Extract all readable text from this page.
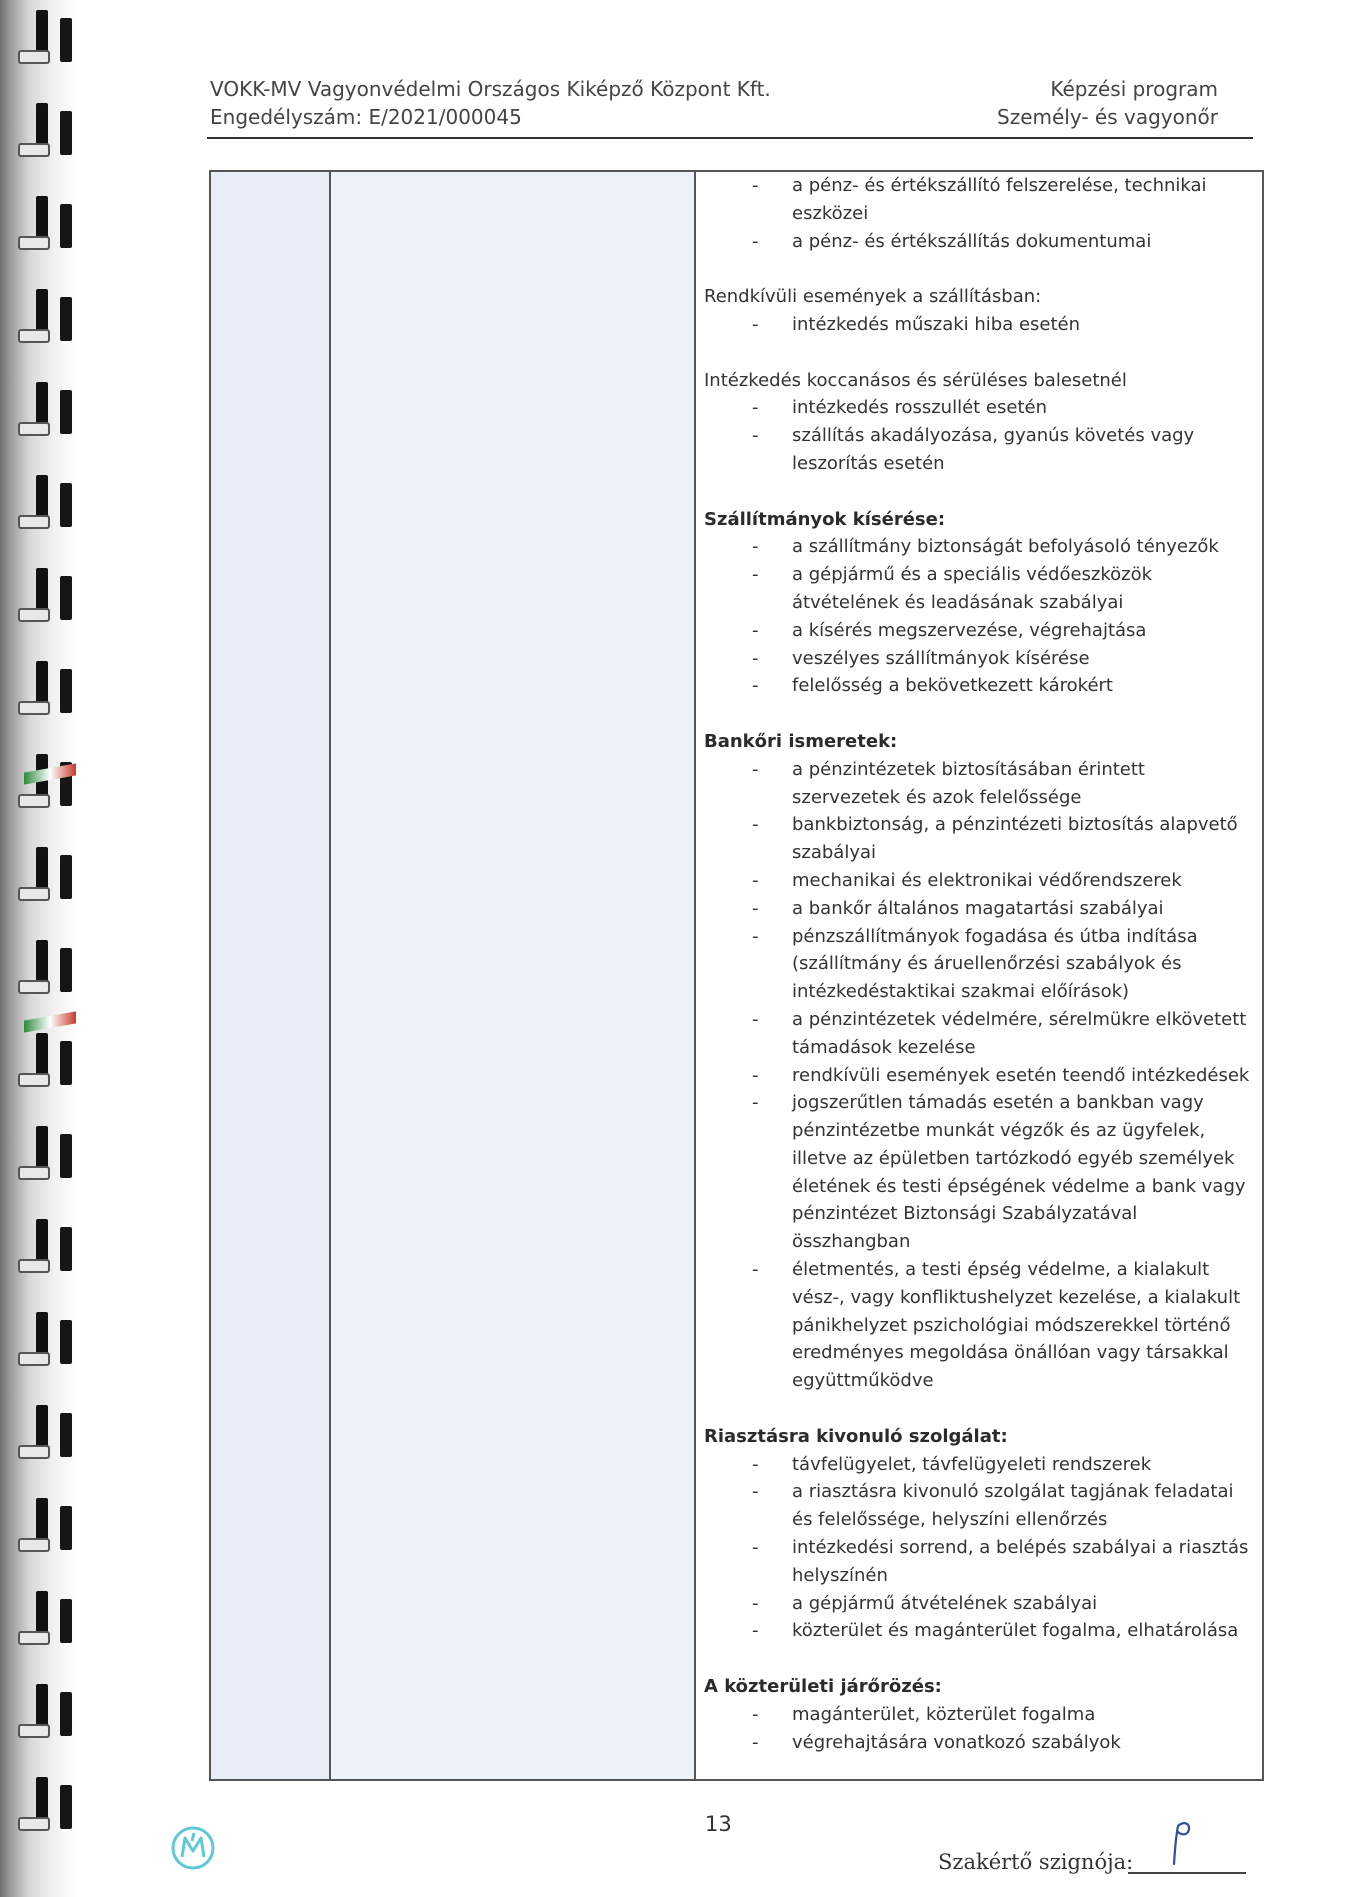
VOKK-MV Vagyonvédelmi Országos Kiképző Központ Kft.
Engedélyszám: E/2021/000045
Képzési program
Személy- és vagyonőr
- a pénz- és értékszállító felszerelése, technikai eszközei
- a pénz- és értékszállítás dokumentumai
Rendkívüli események a szállításban:
- intézkedés műszaki hiba esetén
Intézkedés koccanásos és sérüléses balesetnél
- intézkedés rosszullét esetén
- szállítás akadályozása, gyanús követés vagy leszorítás esetén
Szállítmányok kísérése:
- a szállítmány biztonságát befolyásoló tényezők
- a gépjármű és a speciális védőeszközök átvételének és leadásának szabályai
- a kísérés megszervezése, végrehajtása
- veszélyes szállítmányok kísérése
- felelősség a bekövetkezett károkért
Bankőri ismeretek:
- a pénzintézetek biztosításában érintett szervezetek és azok felelőssége
- bankbiztonság, a pénzintézeti biztosítás alapvető szabályai
- mechanikai és elektronikai védőrendszerek
- a bankőr általános magatartási szabályai
- pénzszállítmányok fogadása és útba indítása (szállítmány és áruellenőrzési szabályok és intézkedéstaktikai szakmai előírások)
- a pénzintézetek védelmére, sérelmükre elkövetett támadások kezelése
- rendkívüli események esetén teendő intézkedések
- jogszerűtlen támadás esetén a bankban vagy pénzintézetbe munkát végzők és az ügyfelek, illetve az épületben tartózkodó egyéb személyek életének és testi épségének védelme a bank vagy pénzintézet Biztonsági Szabályzatával összhangban
- életmentés, a testi épség védelme, a kialakult vész-, vagy konfliktushelyzet kezelése, a kialakult pánikhelyzet pszichológiai módszerekkel történő eredményes megoldása önállóan vagy társakkal együttműködve
Riasztásra kivonuló szolgálat:
- távfelügyelet, távfelügyeleti rendszerek
- a riasztásra kivonuló szolgálat tagjának feladatai és felelőssége, helyszíni ellenőrzés
- intézkedési sorrend, a belépés szabályai a riasztás helyszínén
- a gépjármű átvételének szabályai
- közterület és magánterület fogalma, elhatárolása
A közterületi járőrözés:
- magánterület, közterület fogalma
- végrehajtására vonatkozó szabályok
13
Szakértő szignója:
